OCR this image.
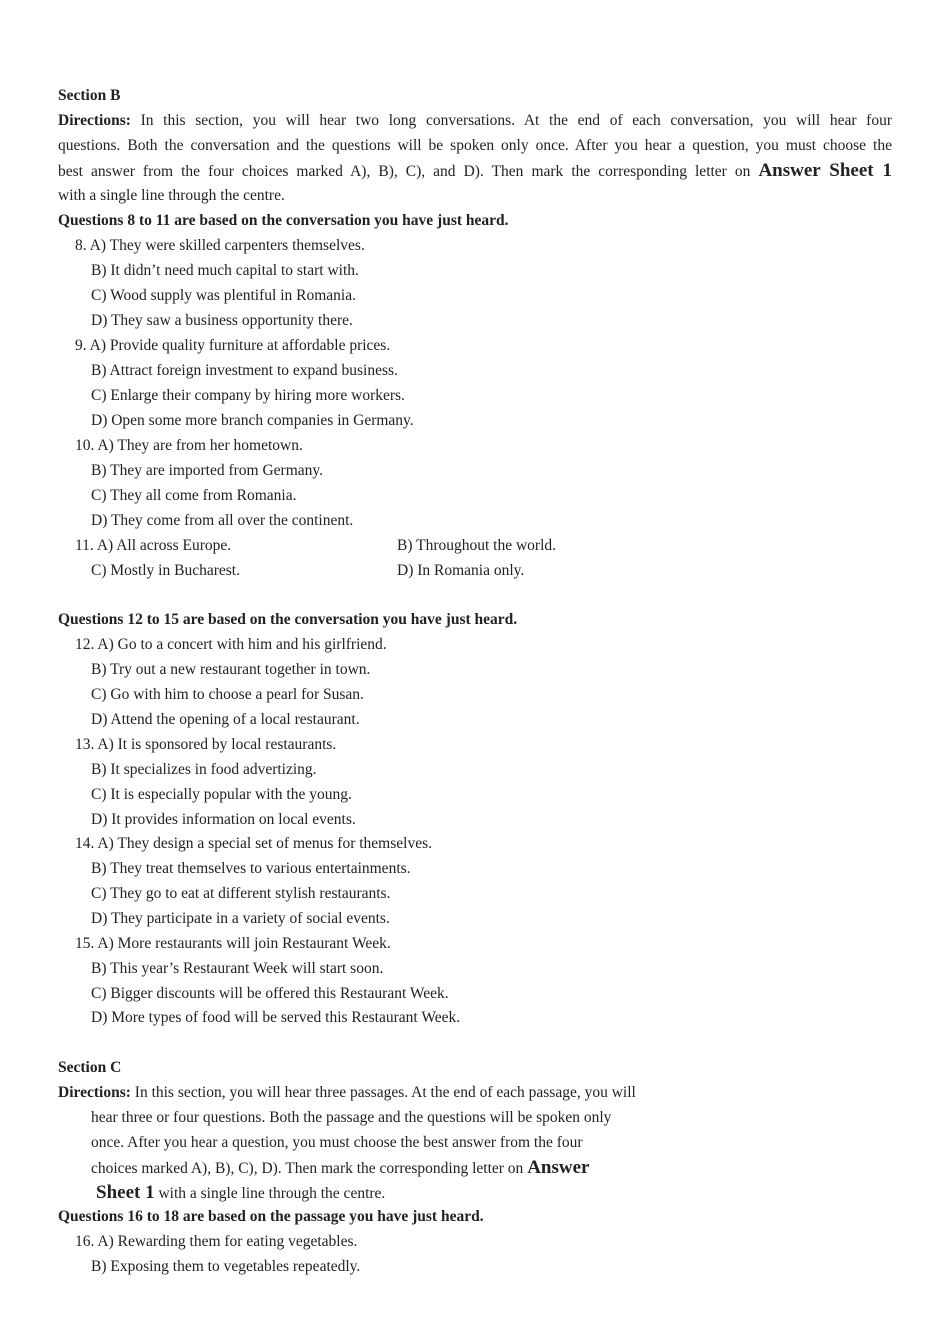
Section B
Directions: In this section, you will hear two long conversations. At the end of each conversation, you will hear four
questions. Both the conversation and the questions will be spoken only once. After you hear a question, you must choose the
best answer from the four choices marked A), B), C), and D). Then mark the corresponding letter on Answer Sheet 1
with a single line through the centre.
Questions 8 to 11 are based on the conversation you have just heard.
8. A) They were skilled carpenters themselves.
B) It didn’t need much capital to start with.
C) Wood supply was plentiful in Romania.
D) They saw a business opportunity there.
9. A) Provide quality furniture at affordable prices.
B) Attract foreign investment to expand business.
C) Enlarge their company by hiring more workers.
D) Open some more branch companies in Germany.
10. A) They are from her hometown.
B) They are imported from Germany.
C) They all come from Romania.
D) They come from all over the continent.
11. A) All across Europe.	B) Throughout the world.
C) Mostly in Bucharest.	D) In Romania only.
Questions 12 to 15 are based on the conversation you have just heard.
12. A) Go to a concert with him and his girlfriend.
B) Try out a new restaurant together in town.
C) Go with him to choose a pearl for Susan.
D) Attend the opening of a local restaurant.
13. A) It is sponsored by local restaurants.
B) It specializes in food advertizing.
C) It is especially popular with the young.
D) It provides information on local events.
14. A) They design a special set of menus for themselves.
B) They treat themselves to various entertainments.
C) They go to eat at different stylish restaurants.
D) They participate in a variety of social events.
15. A) More restaurants will join Restaurant Week.
B) This year’s Restaurant Week will start soon.
C) Bigger discounts will be offered this Restaurant Week.
D) More types of food will be served this Restaurant Week.
Section C
Directions: In this section, you will hear three passages. At the end of each passage, you will
hear three or four questions. Both the passage and the questions will be spoken only
once. After you hear a question, you must choose the best answer from the four
choices marked A), B), C), D). Then mark the corresponding letter on Answer
Sheet 1 with a single line through the centre.
Questions 16 to 18 are based on the passage you have just heard.
16. A) Rewarding them for eating vegetables.
B) Exposing them to vegetables repeatedly.
